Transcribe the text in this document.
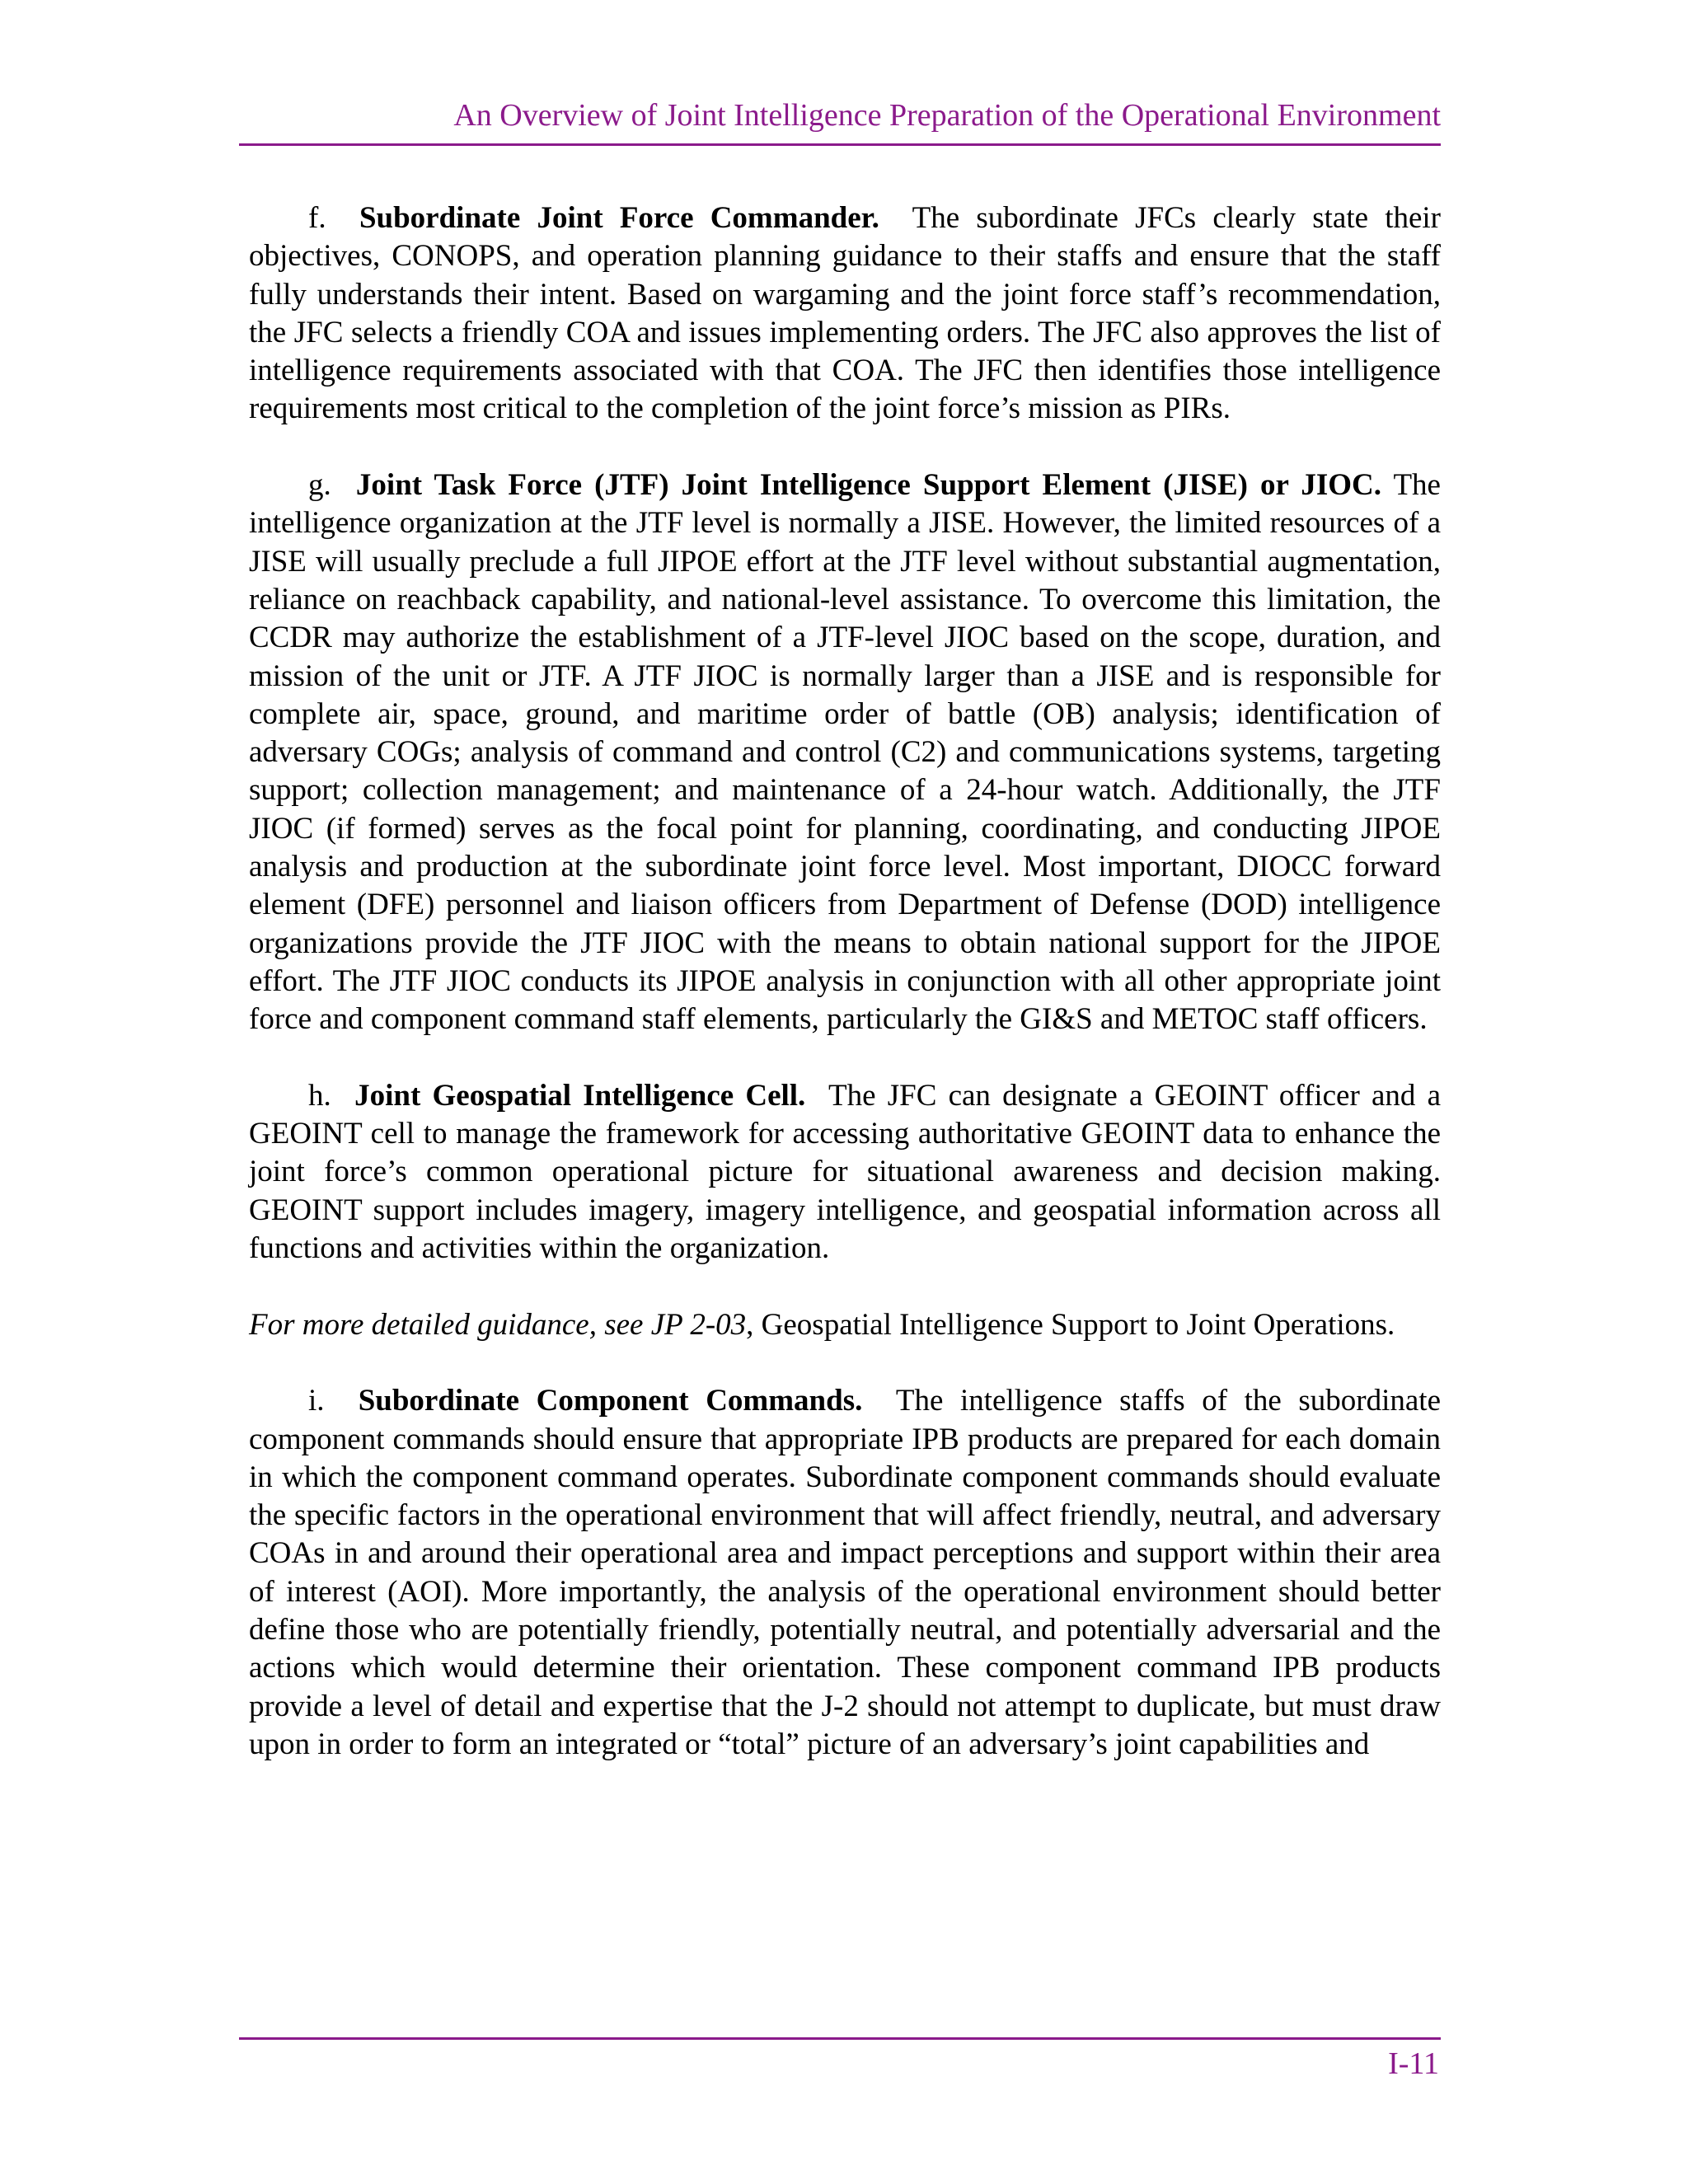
An Overview of Joint Intelligence Preparation of the Operational Environment

f. Subordinate Joint Force Commander. The subordinate JFCs clearly state their objectives, CONOPS, and operation planning guidance to their staffs and ensure that the staff fully understands their intent. Based on wargaming and the joint force staff’s recommendation, the JFC selects a friendly COA and issues implementing orders. The JFC also approves the list of intelligence requirements associated with that COA. The JFC then identifies those intelligence requirements most critical to the completion of the joint force’s mission as PIRs.

g. Joint Task Force (JTF) Joint Intelligence Support Element (JISE) or JIOC. The intelligence organization at the JTF level is normally a JISE. However, the limited resources of a JISE will usually preclude a full JIPOE effort at the JTF level without substantial augmentation, reliance on reachback capability, and national-level assistance. To overcome this limitation, the CCDR may authorize the establishment of a JTF-level JIOC based on the scope, duration, and mission of the unit or JTF. A JTF JIOC is normally larger than a JISE and is responsible for complete air, space, ground, and maritime order of battle (OB) analysis; identification of adversary COGs; analysis of command and control (C2) and communications systems, targeting support; collection management; and maintenance of a 24-hour watch. Additionally, the JTF JIOC (if formed) serves as the focal point for planning, coordinating, and conducting JIPOE analysis and production at the subordinate joint force level. Most important, DIOCC forward element (DFE) personnel and liaison officers from Department of Defense (DOD) intelligence organizations provide the JTF JIOC with the means to obtain national support for the JIPOE effort. The JTF JIOC conducts its JIPOE analysis in conjunction with all other appropriate joint force and component command staff elements, particularly the GI&S and METOC staff officers.

h. Joint Geospatial Intelligence Cell. The JFC can designate a GEOINT officer and a GEOINT cell to manage the framework for accessing authoritative GEOINT data to enhance the joint force’s common operational picture for situational awareness and decision making. GEOINT support includes imagery, imagery intelligence, and geospatial information across all functions and activities within the organization.

For more detailed guidance, see JP 2-03, Geospatial Intelligence Support to Joint Operations.

i. Subordinate Component Commands. The intelligence staffs of the subordinate component commands should ensure that appropriate IPB products are prepared for each domain in which the component command operates. Subordinate component commands should evaluate the specific factors in the operational environment that will affect friendly, neutral, and adversary COAs in and around their operational area and impact perceptions and support within their area of interest (AOI). More importantly, the analysis of the operational environment should better define those who are potentially friendly, potentially neutral, and potentially adversarial and the actions which would determine their orientation. These component command IPB products provide a level of detail and expertise that the J-2 should not attempt to duplicate, but must draw upon in order to form an integrated or “total” picture of an adversary’s joint capabilities and

I-11
